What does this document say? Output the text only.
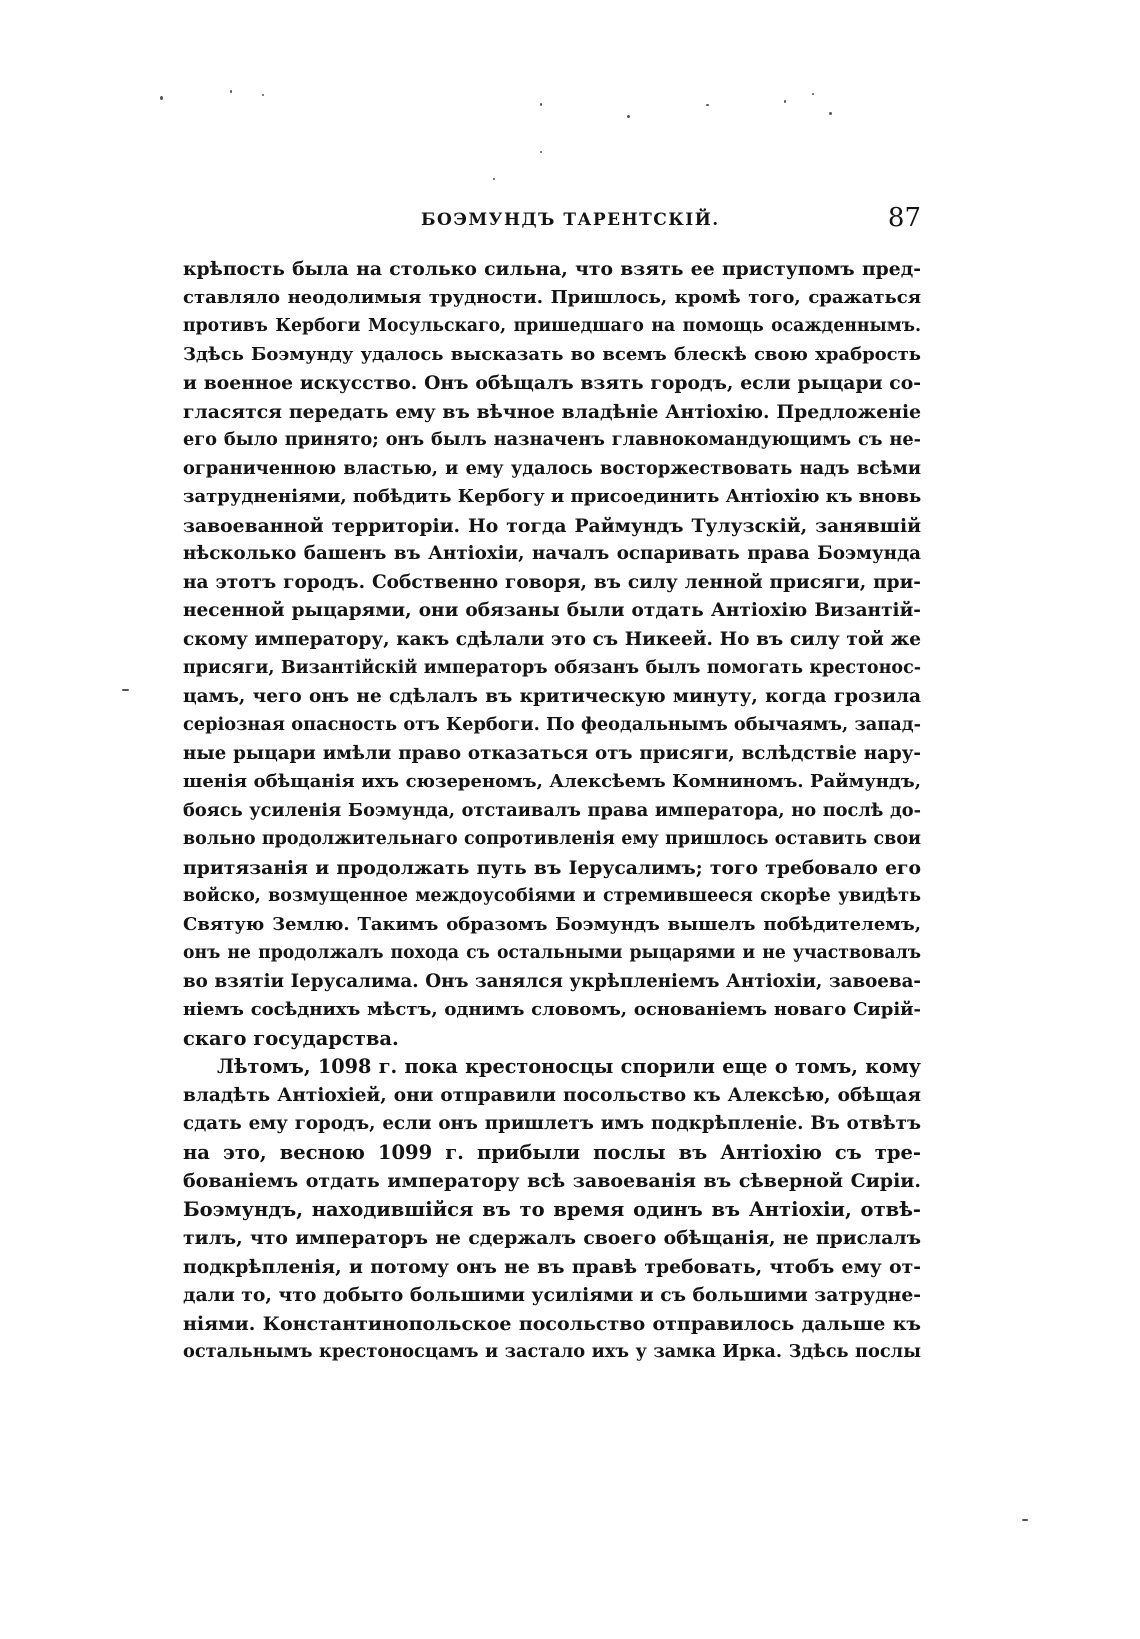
БОЭМУНДЪ ТАРЕНТСКІЙ.	87
крѣпость была на столько сильна, что взять ее приступомъ пред-
ставляло неодолимыя трудности. Пришлось, кромѣ того, сражаться
противъ Кербоги Мосульскаго, пришедшаго на помощь осажденнымъ.
Здѣсь Боэмунду удалось высказать во всемъ блескѣ свою храбрость
и военное искусство. Онъ обѣщалъ взять городъ, если рыцари со-
гласятся передать ему въ вѣчное владѣніе Антіохію. Предложеніе
его было принято; онъ былъ назначенъ главнокомандующимъ съ не-
ограниченною властью, и ему удалось восторжествовать надъ всѣми
затрудненіями, побѣдить Кербогу и присоединить Антіохію къ вновь
завоеванной территоріи. Но тогда Раймундъ Тулузскій, занявшій
нѣсколько башенъ въ Антіохіи, началъ оспаривать права Боэмунда
на этотъ городъ. Собственно говоря, въ силу ленной присяги, при-
несенной рыцарями, они обязаны были отдать Антіохію Византій-
скому императору, какъ сдѣлали это съ Никеей. Но въ силу той же
присяги, Византійскій императоръ обязанъ былъ помогать крестонос-
цамъ, чего онъ не сдѣлалъ въ критическую минуту, когда грозила
серіозная опасность отъ Кербоги. По феодальнымъ обычаямъ, запад-
ные рыцари имѣли право отказаться отъ присяги, вслѣдствіе нару-
шенія обѣщанія ихъ сюзереномъ, Алексѣемъ Комниномъ. Раймундъ,
боясь усиленія Боэмунда, отстаивалъ права императора, но послѣ до-
вольно продолжительнаго сопротивленія ему пришлось оставить свои
притязанія и продолжать путь въ Іерусалимъ; того требовало его
войско, возмущенное междоусобіями и стремившееся скорѣе увидѣть
Святую Землю. Такимъ образомъ Боэмундъ вышелъ побѣдителемъ,
онъ не продолжалъ похода съ остальными рыцарями и не участвовалъ
во взятіи Іерусалима. Онъ занялся укрѣпленіемъ Антіохіи, завоева-
ніемъ сосѣднихъ мѣстъ, однимъ словомъ, основаніемъ новаго Сирій-
скаго государства.
Лѣтомъ, 1098 г. пока крестоносцы спорили еще о томъ, кому
владѣть Антіохіей, они отправили посольство къ Алексѣю, обѣщая
сдать ему городъ, если онъ пришлетъ имъ подкрѣпленіе. Въ отвѣтъ
на это, весною 1099 г. прибыли послы въ Антіохію съ тре-
бованіемъ отдать императору всѣ завоеванія въ сѣверной Сиріи.
Боэмундъ, находившійся въ то время одинъ въ Антіохіи, отвѣ-
тилъ, что императоръ не сдержалъ своего обѣщанія, не прислалъ
подкрѣпленія, и потому онъ не въ правѣ требовать, чтобъ ему от-
дали то, что добыто большими усиліями и съ большими затрудне-
ніями. Константинопольское посольство отправилось дальше къ
остальнымъ крестоносцамъ и застало ихъ у замка Ирка. Здѣсь послы
